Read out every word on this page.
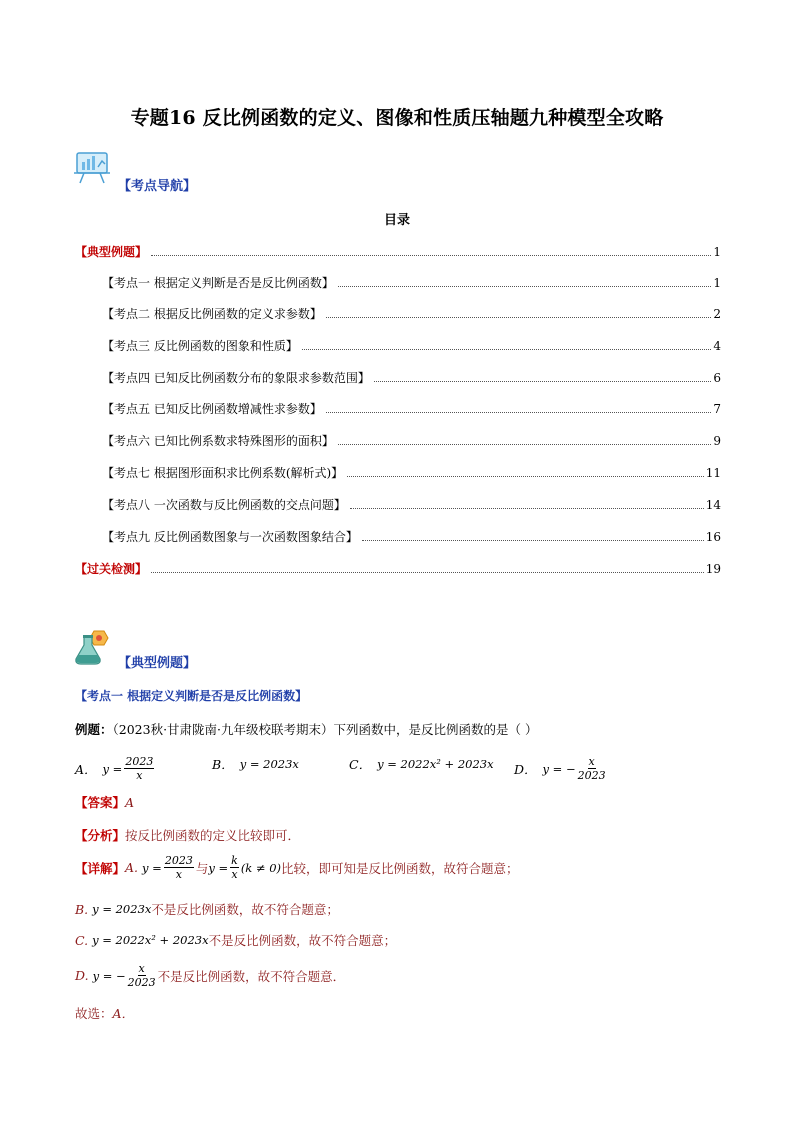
专题16 反比例函数的定义、图像和性质压轴题九种模型全攻略
【考点导航】
目录
【典型例题】	1
【考点一 根据定义判断是否是反比例函数】	1
【考点二 根据反比例函数的定义求参数】	2
【考点三 反比例函数的图象和性质】	4
【考点四 已知反比例函数分布的象限求参数范围】	6
【考点五 已知反比例函数增减性求参数】	7
【考点六 已知比例系数求特殊图形的面积】	9
【考点七 根据图形面积求比例系数(解析式)】	11
【考点八 一次函数与反比例函数的交点问题】	14
【考点九 反比例函数图象与一次函数图象结合】	16
【过关检测】	19
【典型例题】
【考点一 根据定义判断是否是反比例函数】
例题：（2023秋·甘肃陇南·九年级校联考期末）下列函数中，是反比例函数的是（ ）
A． $y = \frac{2023}{x}$	B． y = 2023x	C． y = 2022x² + 2023x D． y = − $\frac{x}{2023}$
【答案】 A
【分析】 按反比例函数的定义比较即可．
【详解】 A. $y = \frac{2023}{x}$ 与 $y = \frac{k}{x} (k \ne 0)$ 比较，即可知是反比例函数，故符合题意；
B. y = 2023x 不是反比例函数，故不符合题意；
C. y = 2022x² + 2023x 不是反比例函数，故不符合题意；
D. y = − $\frac{x}{2023}$ 不是反比例函数，故不符合题意．
故选： A．
